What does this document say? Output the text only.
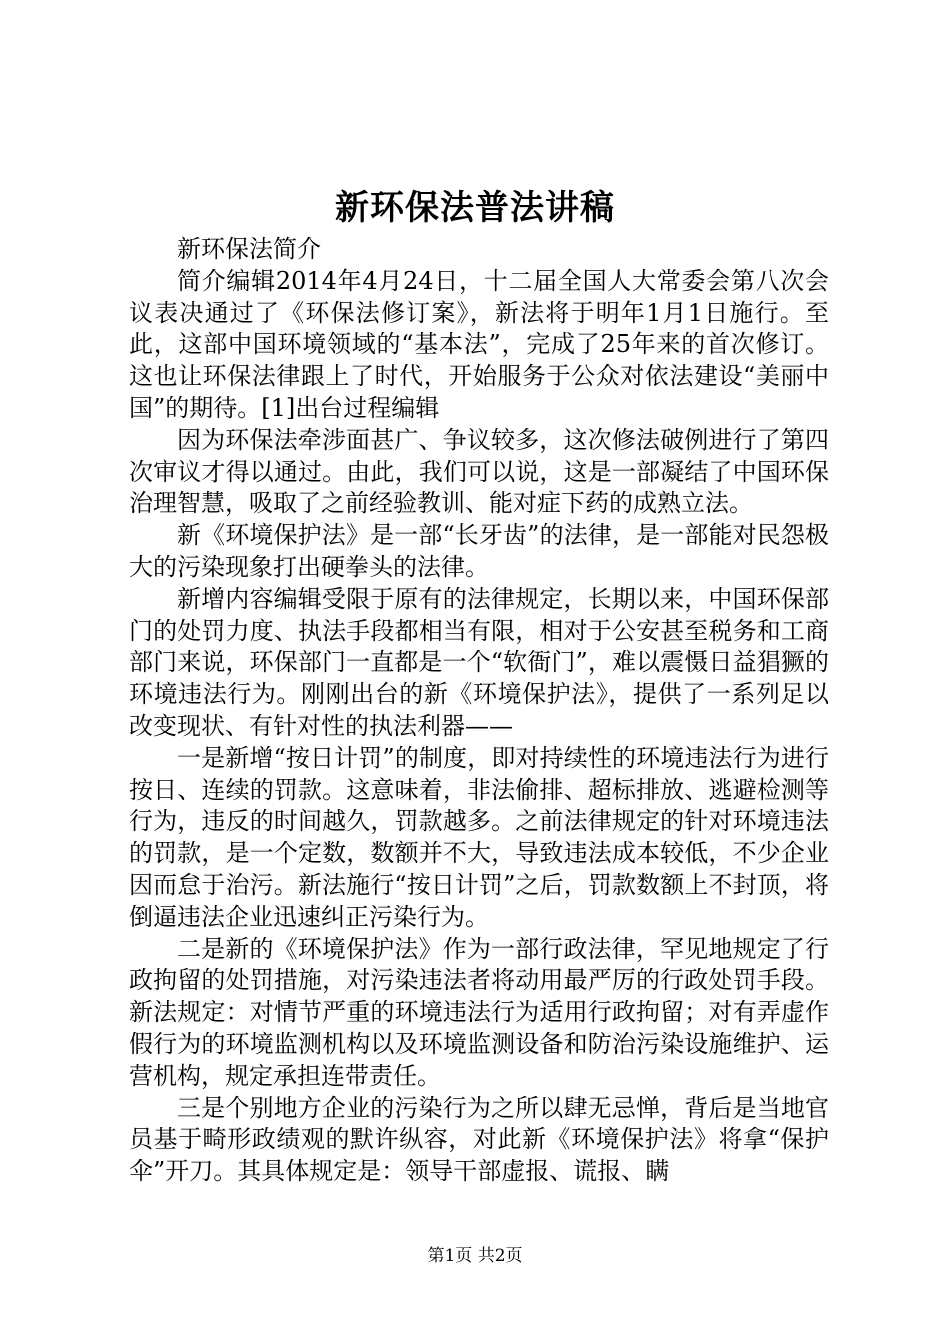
新环保法普法讲稿

新环保法简介

简介编辑2014年4月24日，十二届全国人大常委会第八次会议表决通过了《环保法修订案》，新法将于明年1月1日施行。至此，这部中国环境领域的“基本法”，完成了25年来的首次修订。这也让环保法律跟上了时代，开始服务于公众对依法建设“美丽中国”的期待。[1]出台过程编辑

因为环保法牵涉面甚广、争议较多，这次修法破例进行了第四次审议才得以通过。由此，我们可以说，这是一部凝结了中国环保治理智慧，吸取了之前经验教训、能对症下药的成熟立法。

新《环境保护法》是一部“长牙齿”的法律，是一部能对民怨极大的污染现象打出硬拳头的法律。

新增内容编辑受限于原有的法律规定，长期以来，中国环保部门的处罚力度、执法手段都相当有限，相对于公安甚至税务和工商部门来说，环保部门一直都是一个“软衙门”，难以震慑日益猖獗的环境违法行为。刚刚出台的新《环境保护法》，提供了一系列足以改变现状、有针对性的执法利器——

一是新增“按日计罚”的制度，即对持续性的环境违法行为进行按日、连续的罚款。这意味着，非法偷排、超标排放、逃避检测等行为，违反的时间越久，罚款越多。之前法律规定的针对环境违法的罚款，是一个定数，数额并不大，导致违法成本较低，不少企业因而怠于治污。新法施行“按日计罚”之后，罚款数额上不封顶，将倒逼违法企业迅速纠正污染行为。

二是新的《环境保护法》作为一部行政法律，罕见地规定了行政拘留的处罚措施，对污染违法者将动用最严厉的行政处罚手段。新法规定：对情节严重的环境违法行为适用行政拘留；对有弄虚作假行为的环境监测机构以及环境监测设备和防治污染设施维护、运营机构，规定承担连带责任。

三是个别地方企业的污染行为之所以肆无忌惮，背后是当地官员基于畸形政绩观的默许纵容，对此新《环境保护法》将拿“保护伞”开刀。其具体规定是：领导干部虚报、谎报、瞒

第1页 共2页
